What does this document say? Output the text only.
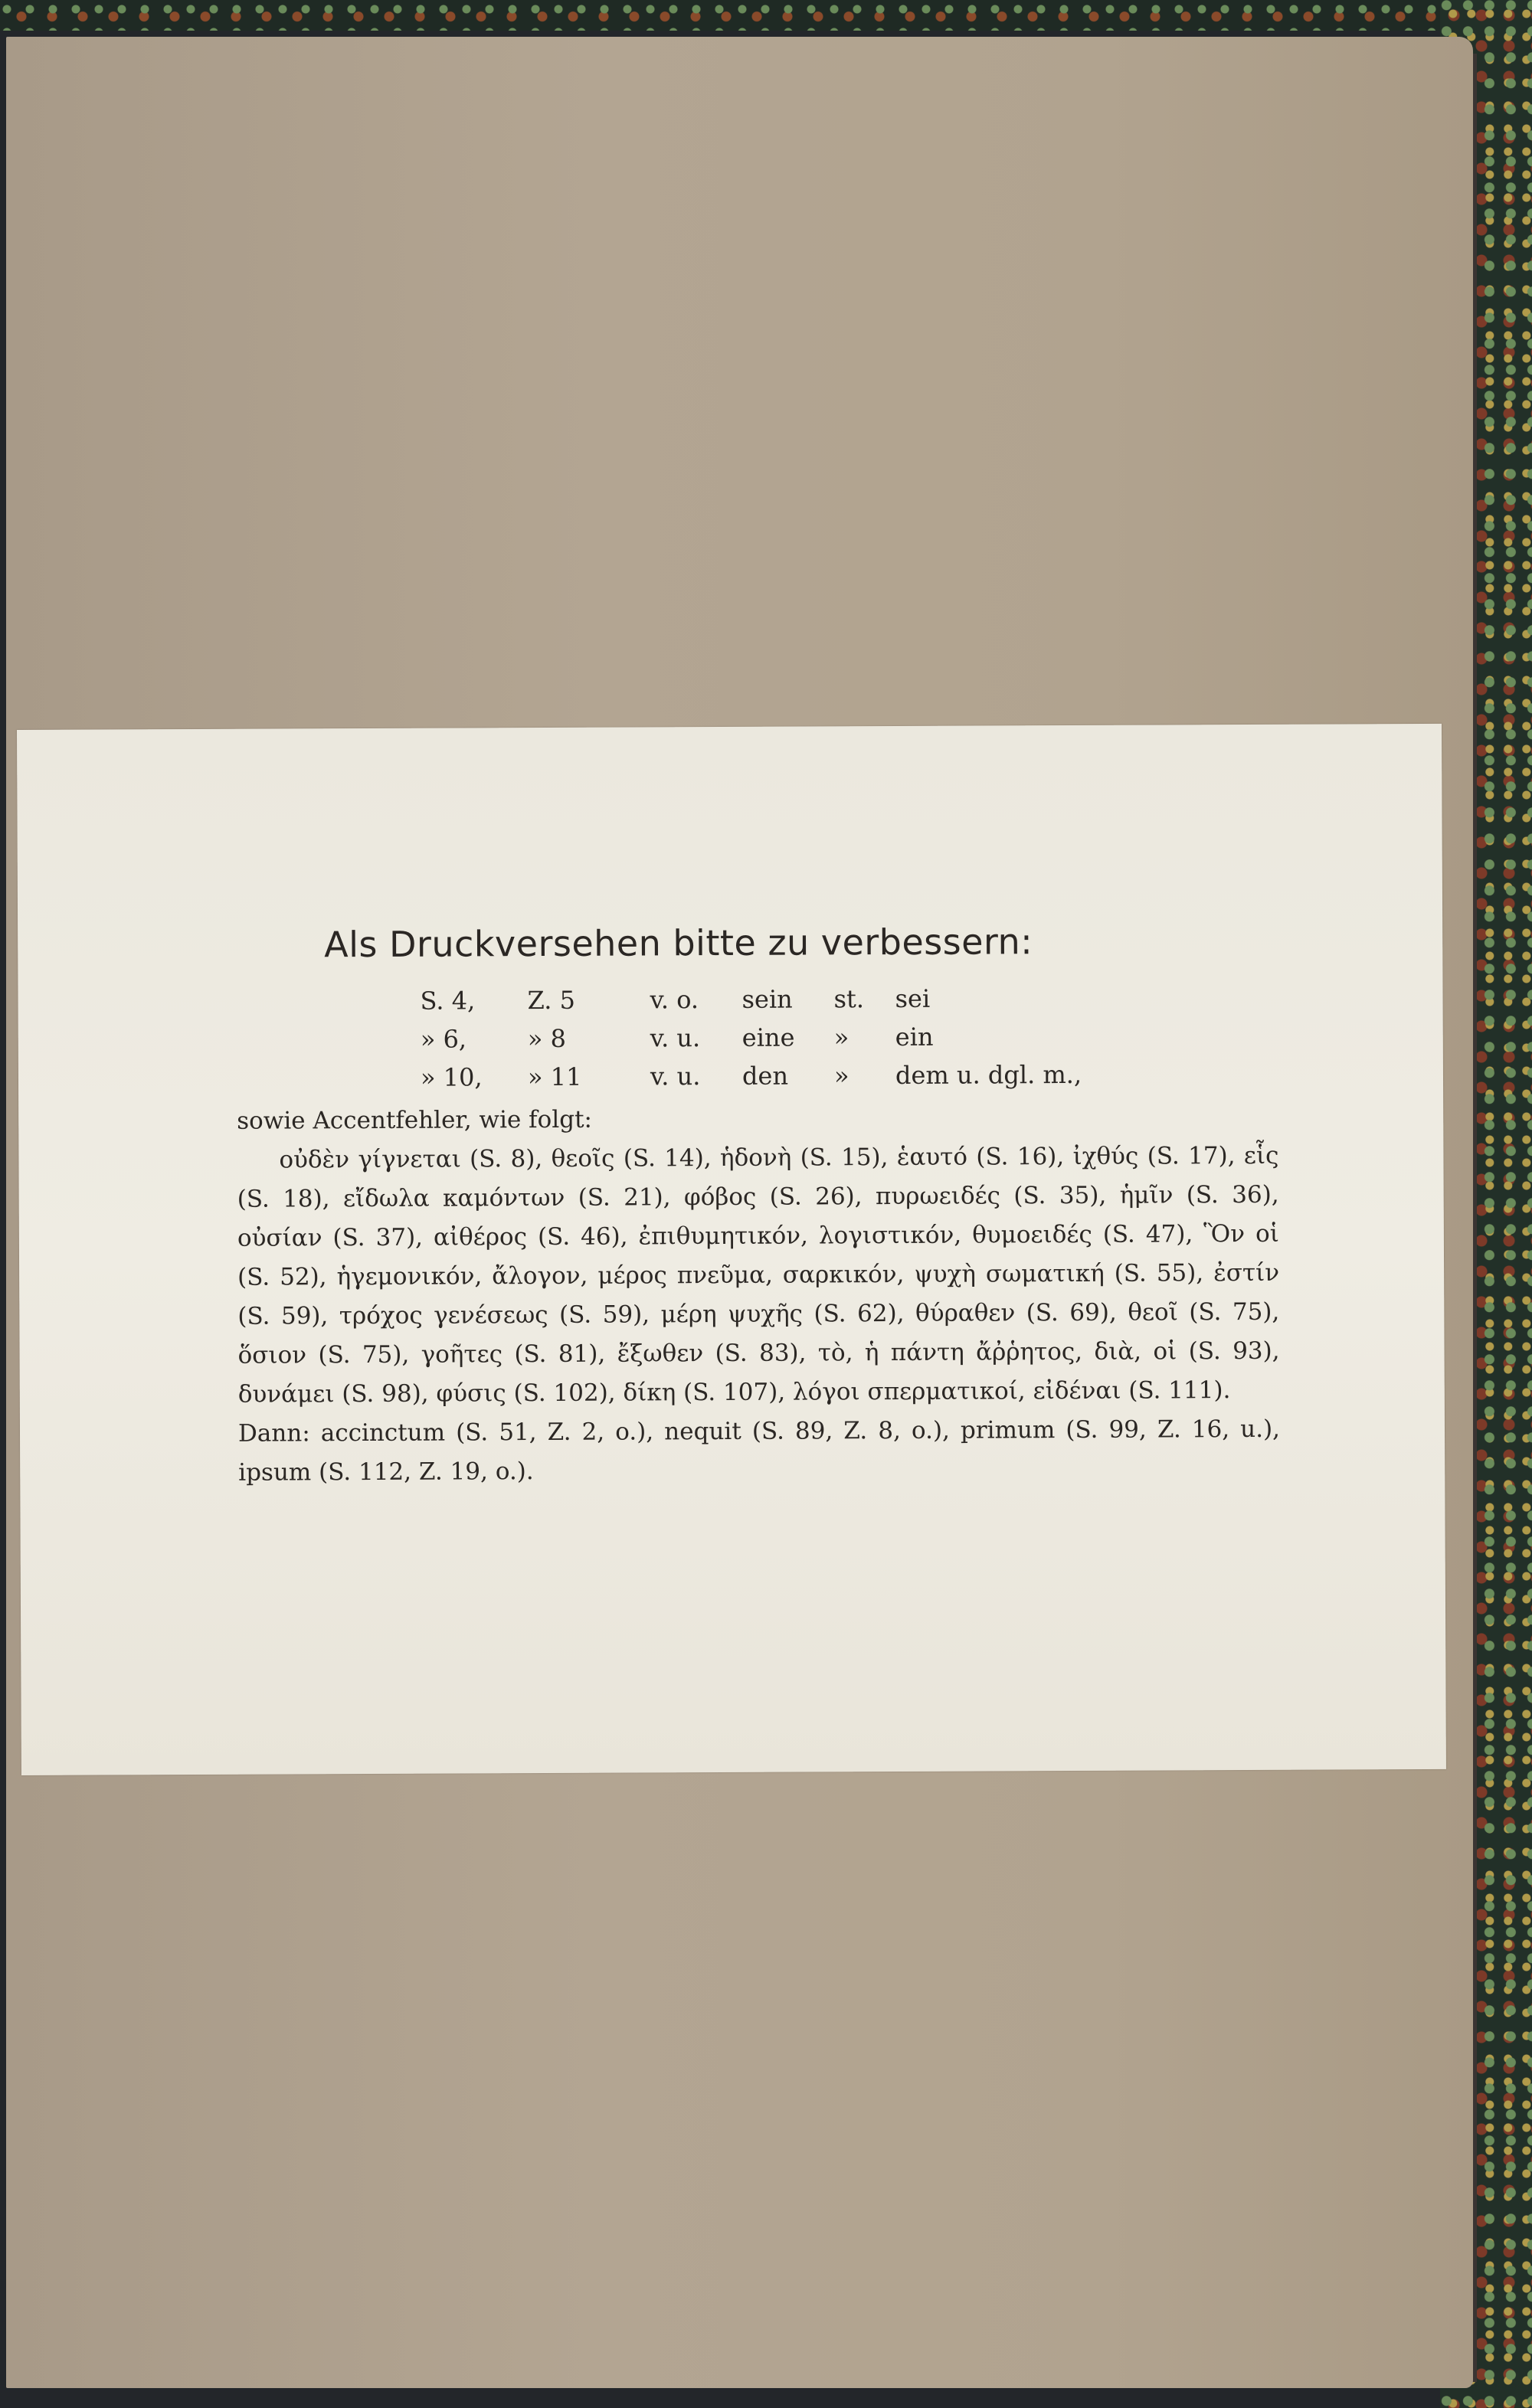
Als Druckversehen bitte zu verbessern:
S. 4, Z. 5	v. o. sein st. sei
» 6, » 8	v. u. eine » ein
» 10, » 11	v. u. den » dem u. dgl. m.,

sowie Accentfehler, wie folgt:

οὐδὲν γίγνεται (S. 8), θεοῖς (S. 14), ἡδονὴ (S. 15), ἑαυτό (S. 16), ἰχθύς (S. 17), εἷς (S. 18), εἴδωλα καμόντων (S. 21), φόβος (S. 26), πυρωειδές (S. 35), ἡμῖν (S. 36), οὐσίαν (S. 37), αἰθέρος (S. 46), ἐπιθυμητικόν, λογιστικόν, θυμοειδές (S. 47), Ὃν οἱ (S. 52), ἡγεμονικόν, ἄλογον, μέρος πνεῦμα, σαρκικόν, ψυχὴ σωματική (S. 55), ἐστίν (S. 59), τρόχος γενέσεως (S. 59), μέρη ψυχῆς (S. 62), θύραθεν (S. 69), θεοῖ (S. 75), ὅσιον (S. 75), γοῆτες (S. 81), ἔξωθεν (S. 83), τὸ, ἡ πάντη ἄῤῥητος, διὰ, οἱ (S. 93), δυνάμει (S. 98), φύσις (S. 102), δίκη (S. 107), λόγοι σπερματικοί, εἰδέναι (S. 111).

Dann: accinctum (S. 51, Z. 2, o.), nequit (S. 89, Z. 8, o.), primum (S. 99, Z. 16, u.), ipsum (S. 112, Z. 19, o.).
